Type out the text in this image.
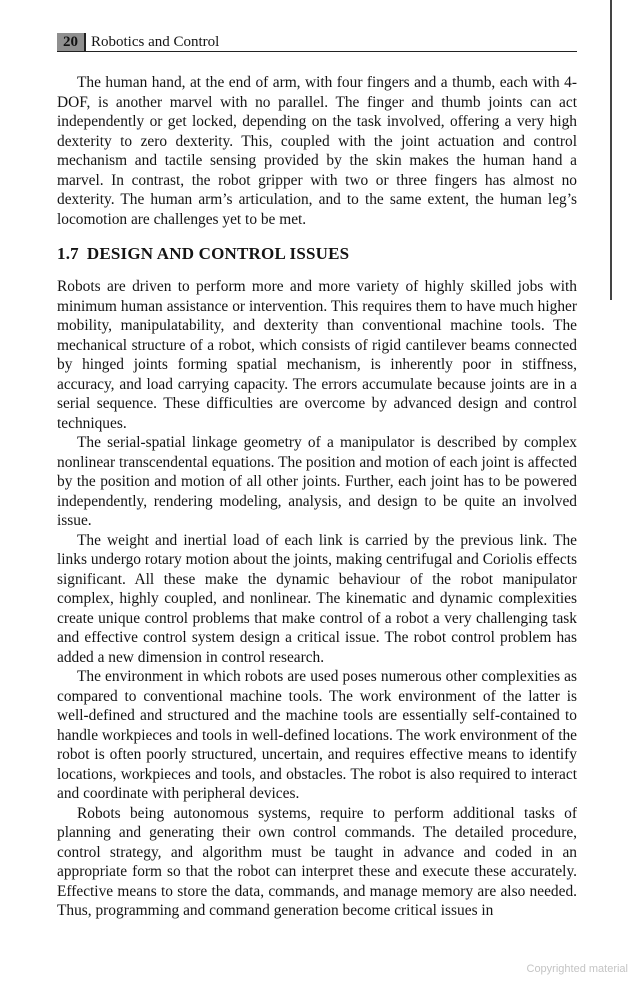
20 Robotics and Control

The human hand, at the end of arm, with four fingers and a thumb, each with 4-DOF, is another marvel with no parallel. The finger and thumb joints can act independently or get locked, depending on the task involved, offering a very high dexterity to zero dexterity. This, coupled with the joint actuation and control mechanism and tactile sensing provided by the skin makes the human hand a marvel. In contrast, the robot gripper with two or three fingers has almost no dexterity. The human arm’s articulation, and to the same extent, the human leg’s locomotion are challenges yet to be met.

1.7 DESIGN AND CONTROL ISSUES

Robots are driven to perform more and more variety of highly skilled jobs with minimum human assistance or intervention. This requires them to have much higher mobility, manipulatability, and dexterity than conventional machine tools. The mechanical structure of a robot, which consists of rigid cantilever beams connected by hinged joints forming spatial mechanism, is inherently poor in stiffness, accuracy, and load carrying capacity. The errors accumulate because joints are in a serial sequence. These difficulties are overcome by advanced design and control techniques.

The serial-spatial linkage geometry of a manipulator is described by complex nonlinear transcendental equations. The position and motion of each joint is affected by the position and motion of all other joints. Further, each joint has to be powered independently, rendering modeling, analysis, and design to be quite an involved issue.

The weight and inertial load of each link is carried by the previous link. The links undergo rotary motion about the joints, making centrifugal and Coriolis effects significant. All these make the dynamic behaviour of the robot manipulator complex, highly coupled, and nonlinear. The kinematic and dynamic complexities create unique control problems that make control of a robot a very challenging task and effective control system design a critical issue. The robot control problem has added a new dimension in control research.

The environment in which robots are used poses numerous other complexities as compared to conventional machine tools. The work environment of the latter is well-defined and structured and the machine tools are essentially self-contained to handle workpieces and tools in well-defined locations. The work environment of the robot is often poorly structured, uncertain, and requires effective means to identify locations, workpieces and tools, and obstacles. The robot is also required to interact and coordinate with peripheral devices.

Robots being autonomous systems, require to perform additional tasks of planning and generating their own control commands. The detailed procedure, control strategy, and algorithm must be taught in advance and coded in an appropriate form so that the robot can interpret these and execute these accurately. Effective means to store the data, commands, and manage memory are also needed. Thus, programming and command generation become critical issues in

Copyrighted material
